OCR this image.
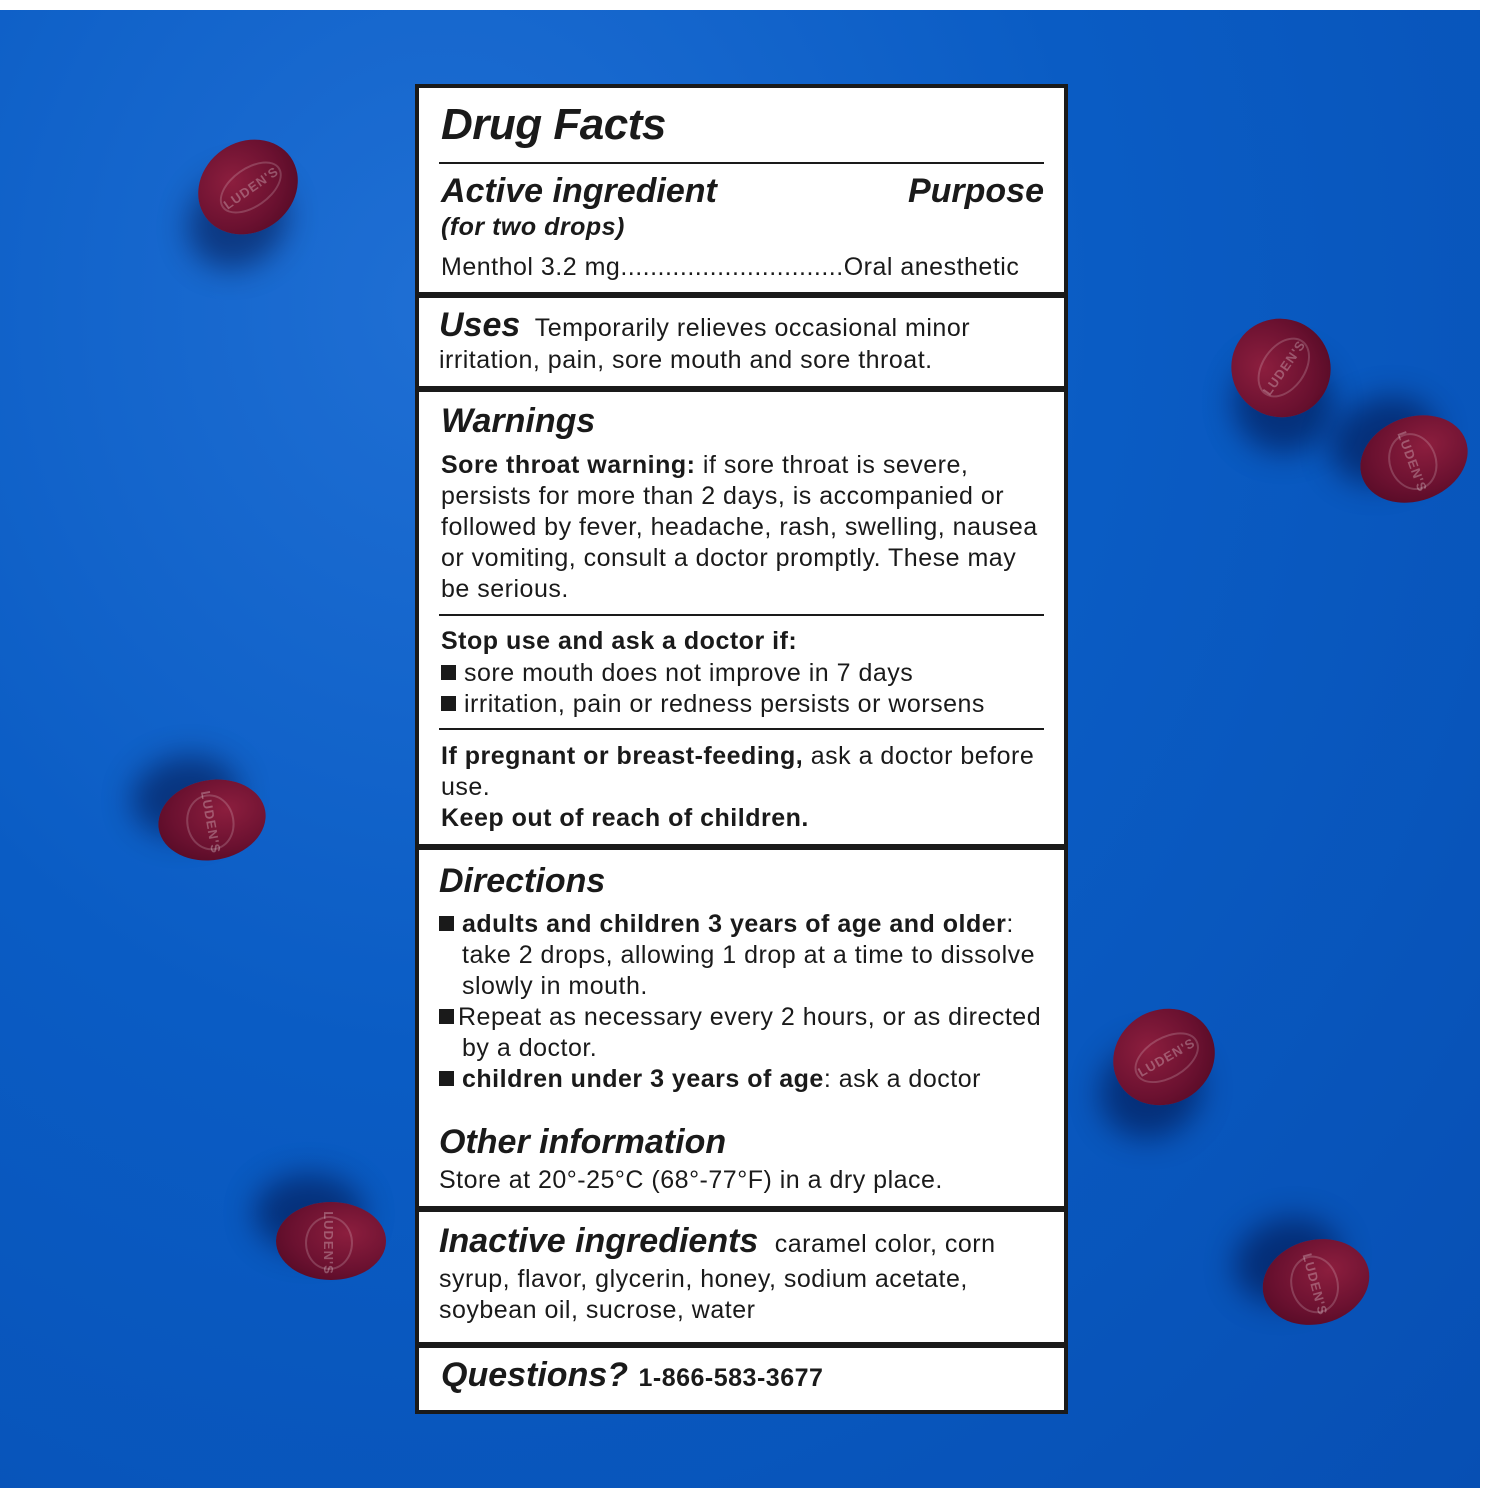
LUDEN'S
LUDEN'S
LUDEN'S
LUDEN'S
LUDEN'S
LUDEN'S
LUDEN'S
Drug Facts
Active ingredient	Purpose
(for two drops)
Menthol 3.2 mg..............................Oral anesthetic
Uses Temporarily relieves occasional minor
irritation, pain, sore mouth and sore throat.
Warnings
Sore throat warning: if sore throat is severe,
persists for more than 2 days, is accompanied or
followed by fever, headache, rash, swelling, nausea
or vomiting, consult a doctor promptly. These may
be serious.
Stop use and ask a doctor if:
sore mouth does not improve in 7 days
irritation, pain or redness persists or worsens
If pregnant or breast-feeding, ask a doctor before
use.
Keep out of reach of children.
Directions
adults and children 3 years of age and older:
take 2 drops, allowing 1 drop at a time to dissolve
slowly in mouth.
Repeat as necessary every 2 hours, or as directed
by a doctor.
children under 3 years of age: ask a doctor
Other information
Store at 20°-25°C (68°-77°F) in a dry place.
Inactive ingredients caramel color, corn
syrup, flavor, glycerin, honey, sodium acetate,
soybean oil, sucrose, water
Questions? 1-866-583-3677
